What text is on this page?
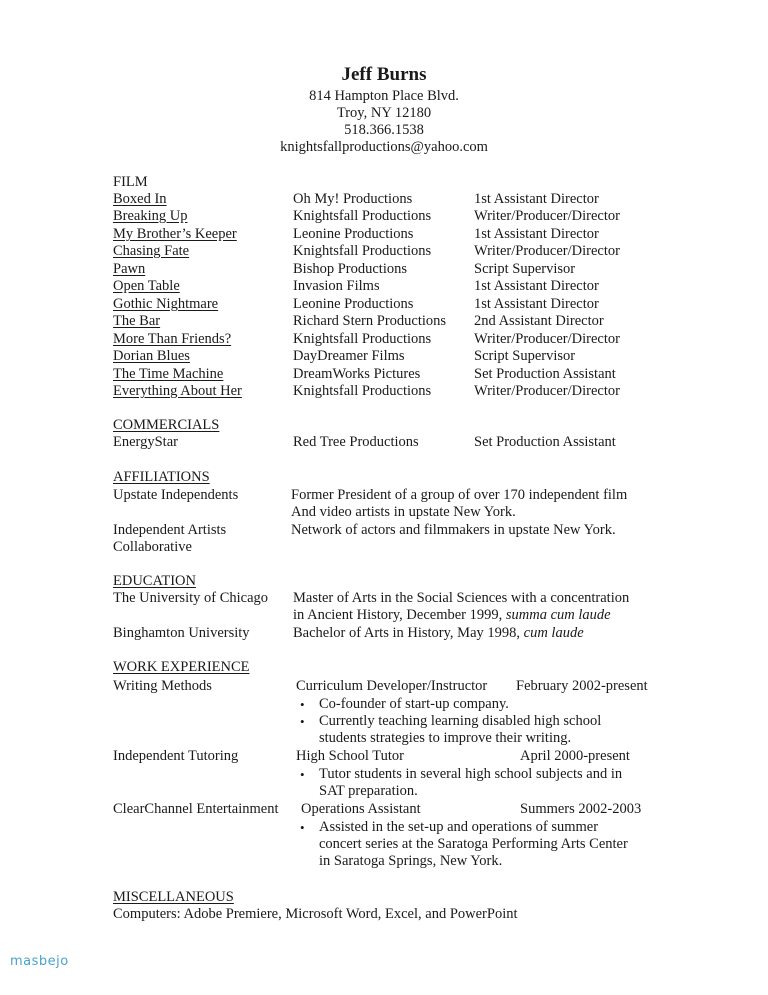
Jeff Burns
814 Hampton Place Blvd.
Troy, NY 12180
518.366.1538
knightsfallproductions@yahoo.com
FILM
Boxed In	Oh My! Productions	1st Assistant Director
Breaking Up	Knightsfall Productions	Writer/Producer/Director
My Brother’s Keeper	Leonine Productions	1st Assistant Director
Chasing Fate	Knightsfall Productions	Writer/Producer/Director
Pawn	Bishop Productions	Script Supervisor
Open Table	Invasion Films	1st Assistant Director
Gothic Nightmare	Leonine Productions	1st Assistant Director
The Bar	Richard Stern Productions 2nd Assistant Director
More Than Friends?	Knightsfall Productions	Writer/Producer/Director
Dorian Blues	DayDreamer Films	Script Supervisor
The Time Machine	DreamWorks Pictures	Set Production Assistant
Everything About Her	Knightsfall Productions	Writer/Producer/Director
COMMERCIALS
EnergyStar	Red Tree Productions	Set Production Assistant
AFFILIATIONS
Upstate Independents	Former President of a group of over 170 independent film
And video artists in upstate New York.
Independent Artists	Network of actors and filmmakers in upstate New York.
Collaborative
EDUCATION
The University of Chicago Master of Arts in the Social Sciences with a concentration
in Ancient History, December 1999, summa cum laude
Binghamton University	Bachelor of Arts in History, May 1998, cum laude
WORK EXPERIENCE
Writing Methods	Curriculum Developer/Instructor February 2002-present
• Co-founder of start-up company.
• Currently teaching learning disabled high school
students strategies to improve their writing.
Independent Tutoring	High School Tutor	April 2000-present
• Tutor students in several high school subjects and in
SAT preparation.
ClearChannel Entertainment Operations Assistant	Summers 2002-2003
• Assisted in the set-up and operations of summer
concert series at the Saratoga Performing Arts Center
in Saratoga Springs, New York.
MISCELLANEOUS
Computers: Adobe Premiere, Microsoft Word, Excel, and PowerPoint
masbejo
